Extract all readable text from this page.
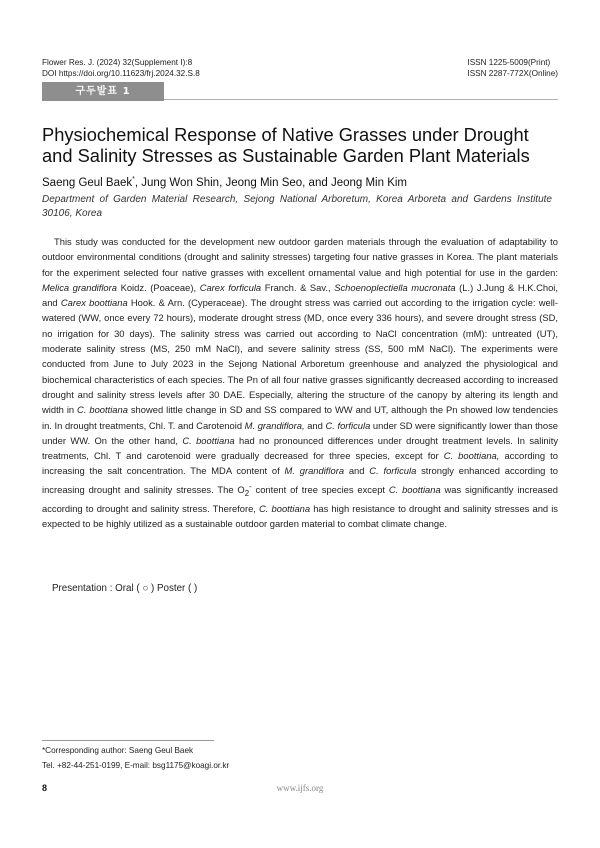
Flower Res. J. (2024) 32(Supplement I):8
DOI https://doi.org/10.11623/frj.2024.32.S.8
ISSN 1225-5009(Print)
ISSN 2287-772X(Online)
구두발표 1
Physiochemical Response of Native Grasses under Drought and Salinity Stresses as Sustainable Garden Plant Materials
Saeng Geul Baek*, Jung Won Shin, Jeong Min Seo, and Jeong Min Kim
Department of Garden Material Research, Sejong National Arboretum, Korea Arboreta and Gardens Institute 30106, Korea

This study was conducted for the development new outdoor garden materials through the evaluation of adaptability to outdoor environmental conditions (drought and salinity stresses) targeting four native grasses in Korea. The plant materials for the experiment selected four native grasses with excellent ornamental value and high potential for use in the garden: Melica grandiflora Koidz. (Poaceae), Carex forficula Franch. & Sav., Schoenoplectiella mucronata (L.) J.Jung & H.K.Choi, and Carex boottiana Hook. & Arn. (Cyperaceae). The drought stress was carried out according to the irrigation cycle: well-watered (WW, once every 72 hours), moderate drought stress (MD, once every 336 hours), and severe drought stress (SD, no irrigation for 30 days). The salinity stress was carried out according to NaCl concentration (mM): untreated (UT), moderate salinity stress (MS, 250 mM NaCl), and severe salinity stress (SS, 500 mM NaCl). The experiments were conducted from June to July 2023 in the Sejong National Arboretum greenhouse and analyzed the physiological and biochemical characteristics of each species. The Pn of all four native grasses significantly decreased according to increased drought and salinity stress levels after 30 DAE. Especially, altering the structure of the canopy by altering its length and width in C. boottiana showed little change in SD and SS compared to WW and UT, although the Pn showed low tendencies in. In drought treatments, Chl. T. and Carotenoid M. grandiflora, and C. forficula under SD were significantly lower than those under WW. On the other hand, C. boottiana had no pronounced differences under drought treatment levels. In salinity treatments, Chl. T and carotenoid were gradually decreased for three species, except for C. boottiana, according to increasing the salt concentration. The MDA content of M. grandiflora and C. forficula strongly enhanced according to increasing drought and salinity stresses. The $O_2^-$ content of tree species except C. boottiana was significantly increased according to drought and salinity stress. Therefore, C. boottiana has high resistance to drought and salinity stresses and is expected to be highly utilized as a sustainable outdoor garden material to combat climate change.

Presentation : Oral ( ○ ) Poster ( )
*Corresponding author: Saeng Geul Baek
Tel. +82-44-251-0199, E-mail: bsg1175@koagi.or.kr
8	www.ijfs.org
